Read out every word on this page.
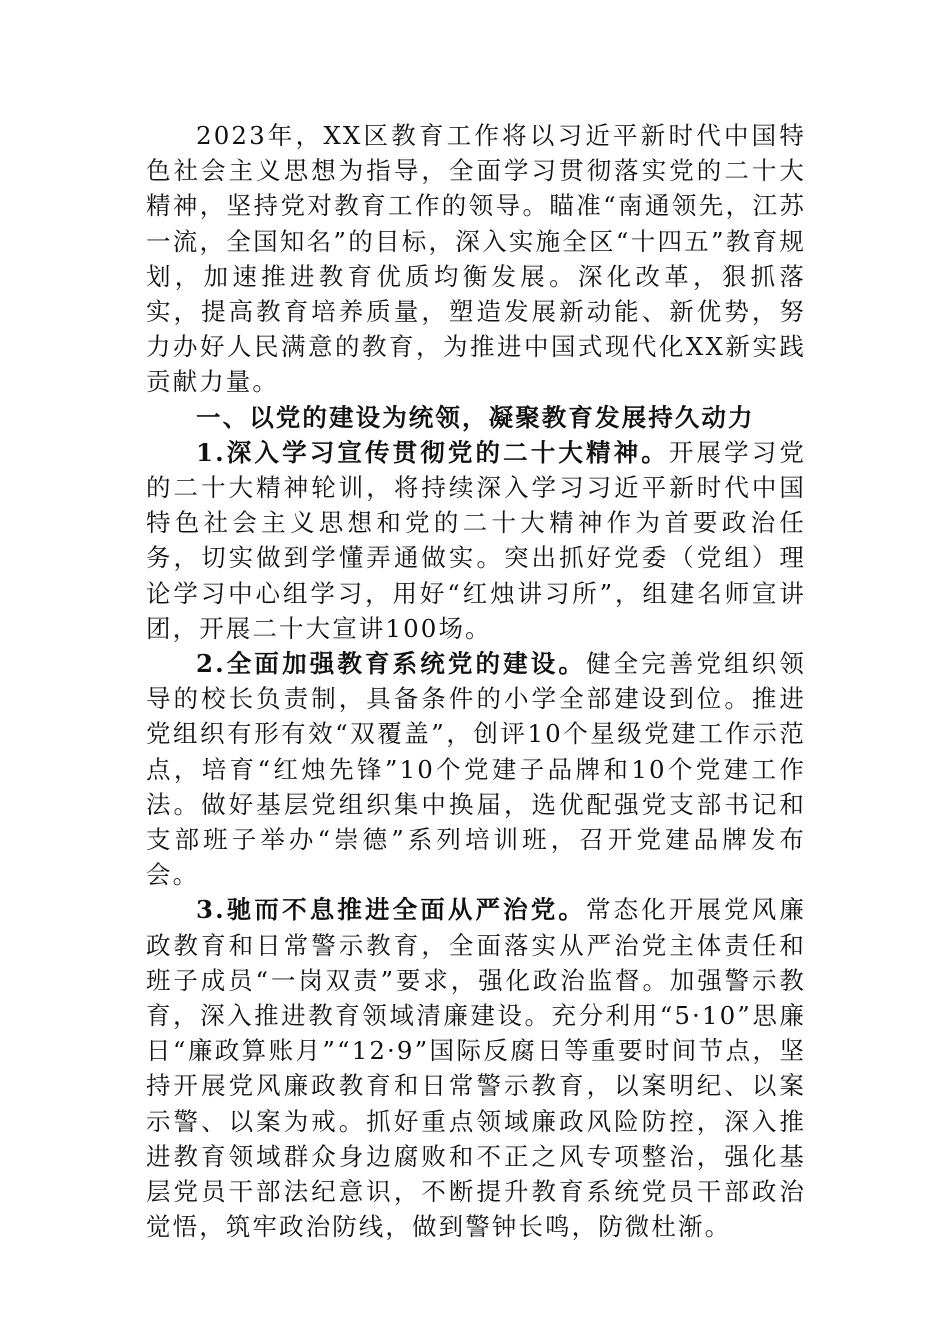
2023年，XX区教育工作将以习近平新时代中国特色社会主义思想为指导，全面学习贯彻落实党的二十大精神，坚持党对教育工作的领导。瞄准“南通领先，江苏一流，全国知名”的目标，深入实施全区“十四五”教育规划，加速推进教育优质均衡发展。深化改革，狠抓落实，提高教育培养质量，塑造发展新动能、新优势，努力办好人民满意的教育，为推进中国式现代化XX新实践贡献力量。

一、以党的建设为统领，凝聚教育发展持久动力

1.深入学习宣传贯彻党的二十大精神。开展学习党的二十大精神轮训，将持续深入学习习近平新时代中国特色社会主义思想和党的二十大精神作为首要政治任务，切实做到学懂弄通做实。突出抓好党委（党组）理论学习中心组学习，用好“红烛讲习所”，组建名师宣讲团，开展二十大宣讲100场。

2.全面加强教育系统党的建设。健全完善党组织领导的校长负责制，具备条件的小学全部建设到位。推进党组织有形有效“双覆盖”，创评10个星级党建工作示范点，培育“红烛先锋”10个党建子品牌和10个党建工作法。做好基层党组织集中换届，选优配强党支部书记和支部班子举办“崇德”系列培训班，召开党建品牌发布会。

3.驰而不息推进全面从严治党。常态化开展党风廉政教育和日常警示教育，全面落实从严治党主体责任和班子成员“一岗双责”要求，强化政治监督。加强警示教育，深入推进教育领域清廉建设。充分利用“5·10”思廉日“廉政算账月”“12·9”国际反腐日等重要时间节点，坚持开展党风廉政教育和日常警示教育，以案明纪、以案示警、以案为戒。抓好重点领域廉政风险防控，深入推进教育领域群众身边腐败和不正之风专项整治，强化基层党员干部法纪意识，不断提升教育系统党员干部政治觉悟，筑牢政治防线，做到警钟长鸣，防微杜渐。
